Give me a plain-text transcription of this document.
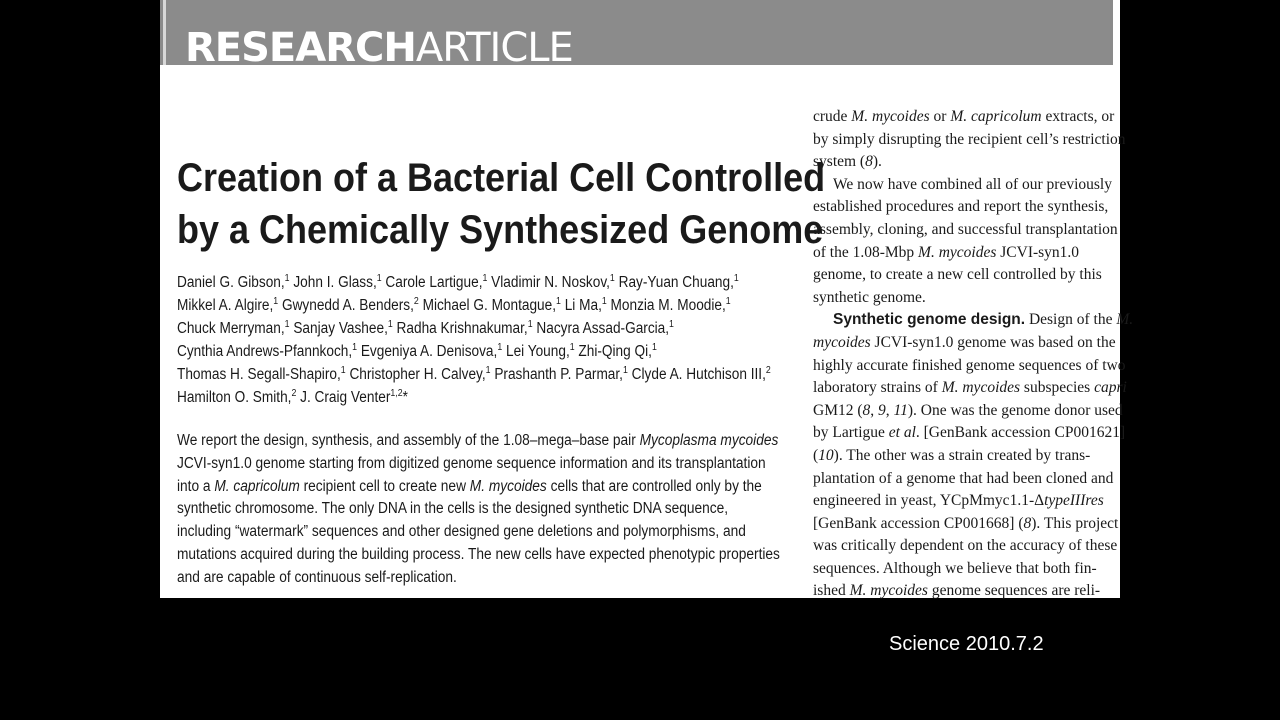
RESEARCHARTICLE
Creation of a Bacterial Cell Controlled
by a Chemically Synthesized Genome
Daniel G. Gibson,$^1$ John I. Glass,$^1$ Carole Lartigue,$^1$ Vladimir N. Noskov,$^1$ Ray-Yuan Chuang,$^1$
Mikkel A. Algire,$^1$ Gwynedd A. Benders,$^2$ Michael G. Montague,$^1$ Li Ma,$^1$ Monzia M. Moodie,$^1$
Chuck Merryman,$^1$ Sanjay Vashee,$^1$ Radha Krishnakumar,$^1$ Nacyra Assad-Garcia,$^1$
Cynthia Andrews-Pfannkoch,$^1$ Evgeniya A. Denisova,$^1$ Lei Young,$^1$ Zhi-Qing Qi,$^1$
Thomas H. Segall-Shapiro,$^1$ Christopher H. Calvey,$^1$ Prashanth P. Parmar,$^1$ Clyde A. Hutchison III,$^2$
Hamilton O. Smith,$^2$ J. Craig Venter$^{1,2}$*
We report the design, synthesis, and assembly of the 1.08–mega–base pair Mycoplasma mycoides
JCVI-syn1.0 genome starting from digitized genome sequence information and its transplantation
into a M. capricolum recipient cell to create new M. mycoides cells that are controlled only by the
synthetic chromosome. The only DNA in the cells is the designed synthetic DNA sequence,
including “watermark” sequences and other designed gene deletions and polymorphisms, and
mutations acquired during the building process. The new cells have expected phenotypic properties
and are capable of continuous self-replication.
crude M. mycoides or M. capricolum extracts, or
by simply disrupting the recipient cell’s restriction
system (8).
We now have combined all of our previously
established procedures and report the synthesis,
assembly, cloning, and successful transplantation
of the 1.08-Mbp M. mycoides JCVI-syn1.0
genome, to create a new cell controlled by this
synthetic genome.
Synthetic genome design. Design of the M.
mycoides JCVI-syn1.0 genome was based on the
highly accurate finished genome sequences of two
laboratory strains of M. mycoides subspecies capri
GM12 (8, 9, 11). One was the genome donor used
by Lartigue et al. [GenBank accession CP001621]
(10). The other was a strain created by trans-
plantation of a genome that had been cloned and
engineered in yeast, YCpMmyc1.1-ΔtypeIIIres
[GenBank accession CP001668] (8). This project
was critically dependent on the accuracy of these
sequences. Although we believe that both fin-
ished M. mycoides genome sequences are reli-
Science 2010.7.2
